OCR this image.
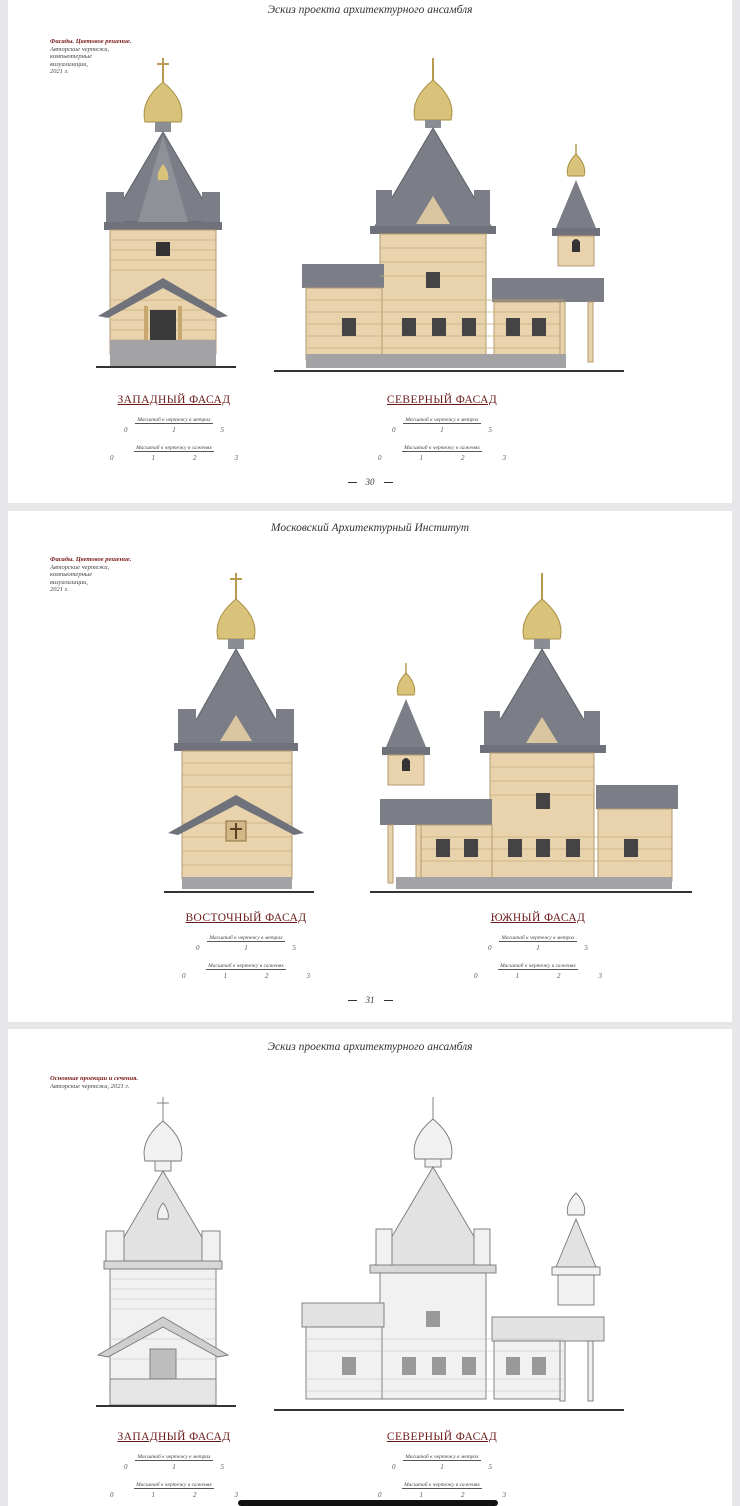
Эскиз проекта архитектурного ансамбля
Фасады. Цветовое решение.
Авторские чертежи,
компьютерные
визуализации,
2021 г.
ЗАПАДНЫЙ ФАСАД
Масштаб к чертежу в метрах
0	1	5
Масштаб к чертежу в саженях
0	1	2	3
СЕВЕРНЫЙ ФАСАД
Масштаб к чертежу в метрах
0	1	5
Масштаб к чертежу в саженях
0	1	2	3
30
Московский Архитектурный Институт
Фасады. Цветовое решение.
Авторские чертежи,
компьютерные
визуализации,
2021 г.
ВОСТОЧНЫЙ ФАСАД
Масштаб к чертежу в метрах
0	1	5
Масштаб к чертежу в саженях
0	1	2	3
ЮЖНЫЙ ФАСАД
Масштаб к чертежу в метрах
0	1	5
Масштаб к чертежу в саженях
0	1	2	3
31
Эскиз проекта архитектурного ансамбля
Основные проекции и сечения.
Авторские чертежи, 2021 г.
ЗАПАДНЫЙ ФАСАД
Масштаб к чертежу в метрах
0	1	5
Масштаб к чертежу в саженях
0	1	2	3
СЕВЕРНЫЙ ФАСАД
Масштаб к чертежу в метрах
0	1	5
Масштаб к чертежу в саженях
0	1	2	3
